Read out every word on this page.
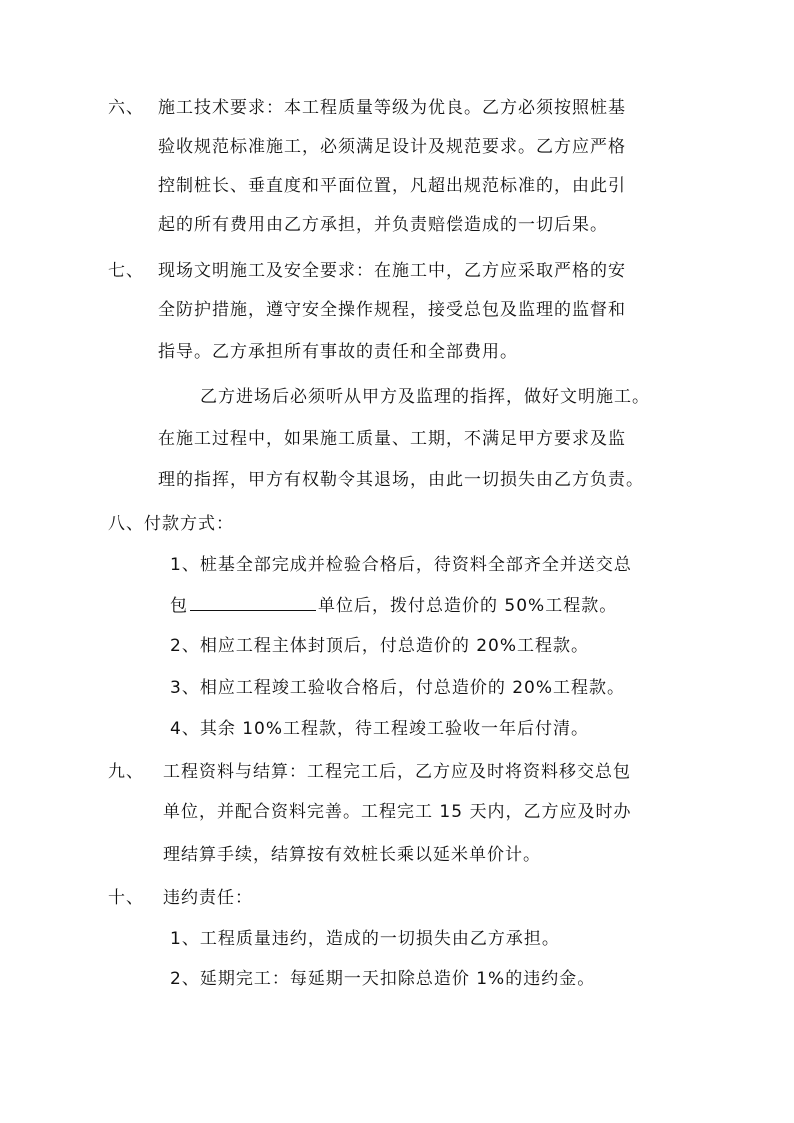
六、 施工技术要求：本工程质量等级为优良。乙方必须按照桩基
验收规范标准施工，必须满足设计及规范要求。乙方应严格
控制桩长、垂直度和平面位置，凡超出规范标准的，由此引
起的所有费用由乙方承担，并负责赔偿造成的一切后果。
七、 现场文明施工及安全要求：在施工中，乙方应采取严格的安
全防护措施，遵守安全操作规程，接受总包及监理的监督和
指导。乙方承担所有事故的责任和全部费用。
乙方进场后必须听从甲方及监理的指挥，做好文明施工。
在施工过程中，如果施工质量、工期，不满足甲方要求及监
理的指挥，甲方有权勒令其退场，由此一切损失由乙方负责。
八、付款方式：
1、桩基全部完成并检验合格后，待资料全部齐全并送交总
包	单位后，拨付总造价的 50%工程款。
2、相应工程主体封顶后，付总造价的 20%工程款。
3、相应工程竣工验收合格后，付总造价的 20%工程款。
4、其余 10%工程款，待工程竣工验收一年后付清。
九、 工程资料与结算：工程完工后，乙方应及时将资料移交总包
单位，并配合资料完善。工程完工 15 天内，乙方应及时办
理结算手续，结算按有效桩长乘以延米单价计。
十、 违约责任：
1、工程质量违约，造成的一切损失由乙方承担。
2、延期完工：每延期一天扣除总造价 1%的违约金。
